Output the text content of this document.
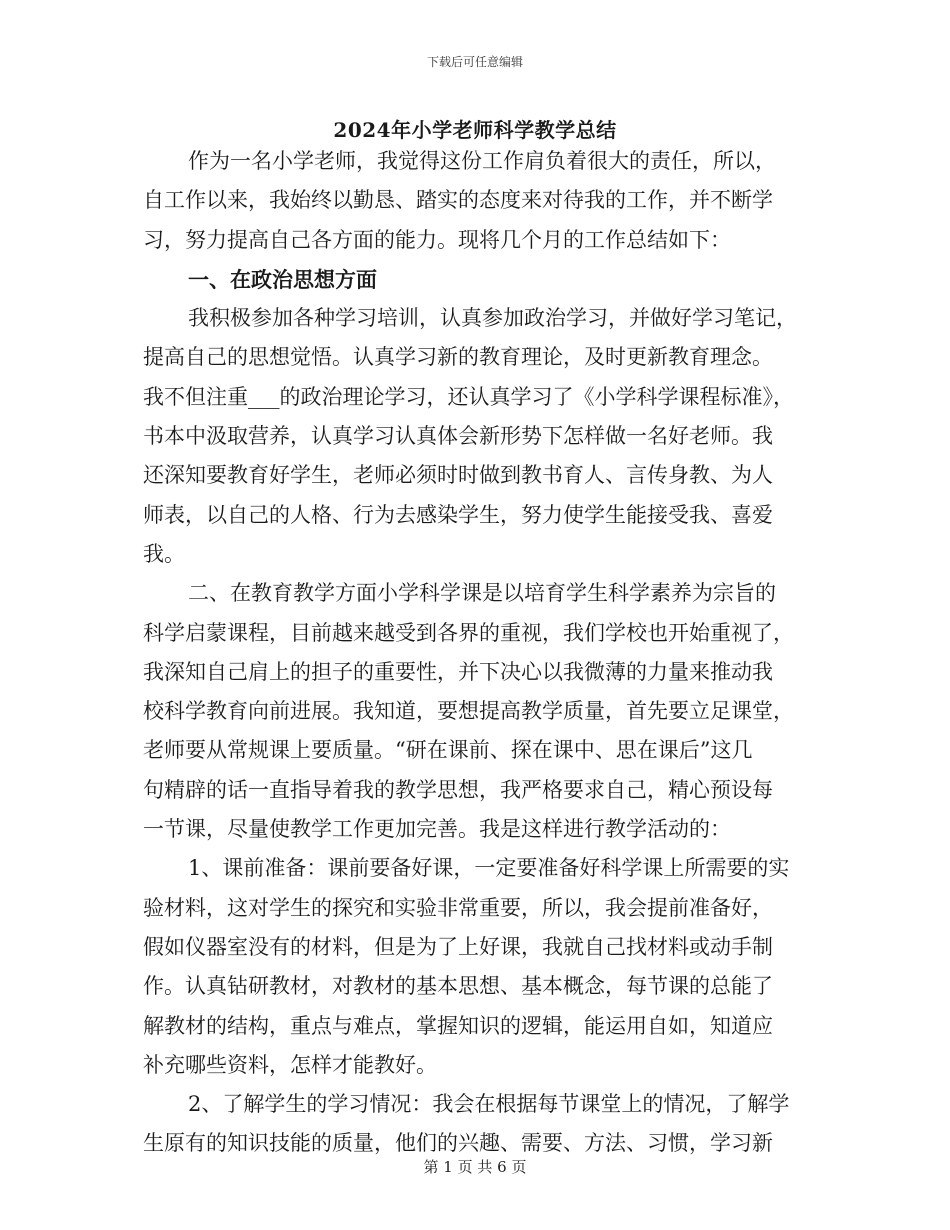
下载后可任意编辑
2024年小学老师科学教学总结
作为一名小学老师，我觉得这份工作肩负着很大的责任，所以，
自工作以来，我始终以勤恳、踏实的态度来对待我的工作，并不断学
习，努力提高自己各方面的能力。现将几个月的工作总结如下：
一、在政治思想方面
我积极参加各种学习培训，认真参加政治学习，并做好学习笔记，
提高自己的思想觉悟。认真学习新的教育理论，及时更新教育理念。
我不但注重___的政治理论学习，还认真学习了《小学科学课程标准》，
书本中汲取营养，认真学习认真体会新形势下怎样做一名好老师。我
还深知要教育好学生，老师必须时时做到教书育人、言传身教、为人
师表，以自己的人格、行为去感染学生，努力使学生能接受我、喜爱
我。
二、在教育教学方面小学科学课是以培育学生科学素养为宗旨的
科学启蒙课程，目前越来越受到各界的重视，我们学校也开始重视了，
我深知自己肩上的担子的重要性，并下决心以我微薄的力量来推动我
校科学教育向前进展。我知道，要想提高教学质量，首先要立足课堂，
老师要从常规课上要质量。“研在课前、探在课中、思在课后”这几
句精辟的话一直指导着我的教学思想，我严格要求自己，精心预设每
一节课，尽量使教学工作更加完善。我是这样进行教学活动的：
1、课前准备：课前要备好课，一定要准备好科学课上所需要的实
验材料，这对学生的探究和实验非常重要，所以，我会提前准备好，
假如仪器室没有的材料，但是为了上好课，我就自己找材料或动手制
作。认真钻研教材，对教材的基本思想、基本概念，每节课的总能了
解教材的结构，重点与难点，掌握知识的逻辑，能运用自如，知道应
补充哪些资料，怎样才能教好。
2、了解学生的学习情况：我会在根据每节课堂上的情况，了解学
生原有的知识技能的质量，他们的兴趣、需要、方法、习惯，学习新
第 1 页 共 6 页
